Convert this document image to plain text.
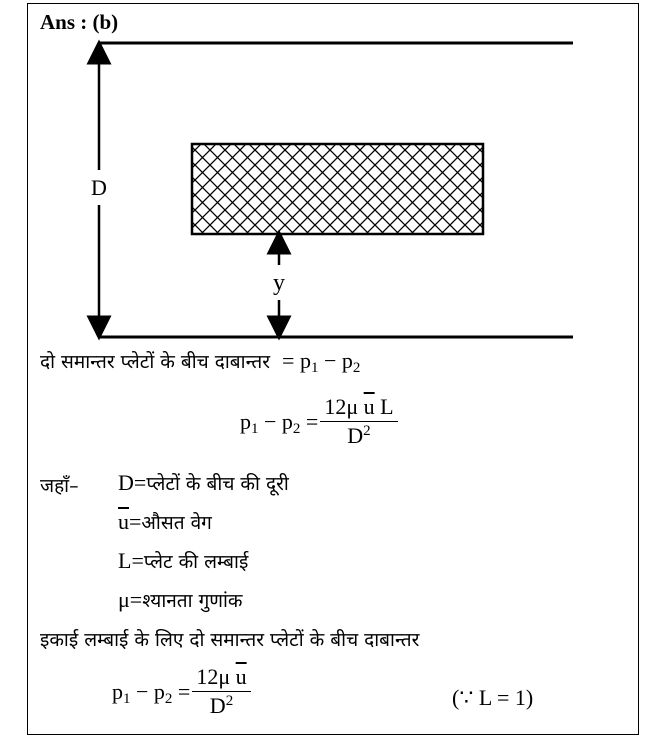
Ans : (b)
D
y
दो समान्तर प्लेटों के बीच दाबान्तर = $p_1 - p_2$
$p_1 - p_2 = \frac{12\mu \overline{u} L}{D^2}$
जहाँ– D = प्लेटों के बीच की दूरी
$\overline{u}$ = औसत वेग
L = प्लेट की लम्बाई
μ = श्यानता गुणांक
इकाई लम्बाई के लिए दो समान्तर प्लेटों के बीच दाबान्तर
$p_1 - p_2 = \frac{12\mu \overline{u}}{D^2}$	(∵ L = 1)
